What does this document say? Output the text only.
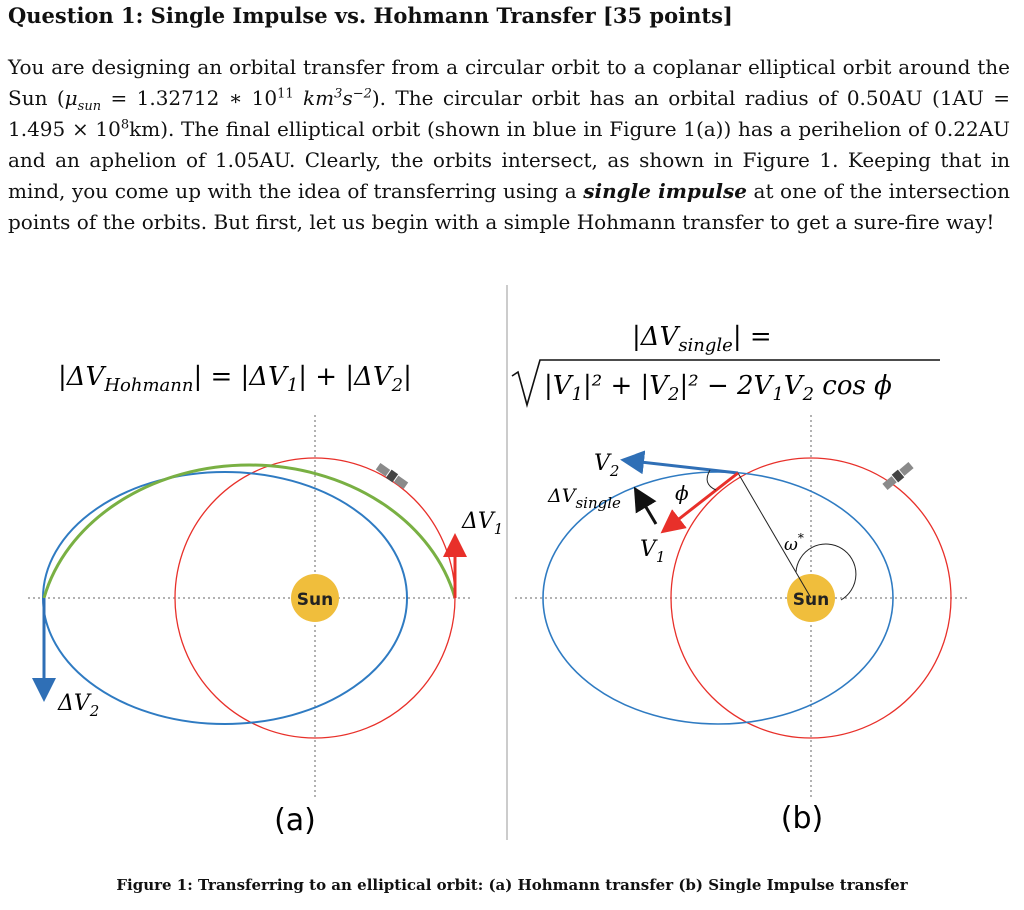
Question 1: Single Impulse vs. Hohmann Transfer [35 points]

You are designing an orbital transfer from a circular orbit to a coplanar elliptical orbit around the Sun ($\mu_{sun} = 1.32712$ ∗ $10^{11}$ $km^3s^{-2}$). The circular orbit has an orbital radius of 0.50AU $(1AU = 1.495 \times 10^8km)$. The final elliptical orbit (shown in blue in Figure 1(a)) has a perihelion of 0.22AU and an aphelion of 1.05AU. Clearly, the orbits intersect, as shown in Figure 1. Keeping that in mind, you come up with the idea of transferring using a single impulse at one of the intersection points of the orbits. But first, let us begin with a simple Hohmann transfer to get a sure-fire way!

$|\Delta V_{Hohmann}| = |\Delta V_1| + |\Delta V_2|$
Sun
$\Delta V_1$
$\Delta V_2$
(a)
$|\Delta V_{single}|$ =
$|V_1|^2 + |V_2|^2 - 2V_1V_2$ cos ϕ
Sun
ω*
$V_2$
ϕ
$\Delta V_{single}$
$V_1$
(b)
Figure 1: Transferring to an elliptical orbit: (a) Hohmann transfer (b) Single Impulse transfer
